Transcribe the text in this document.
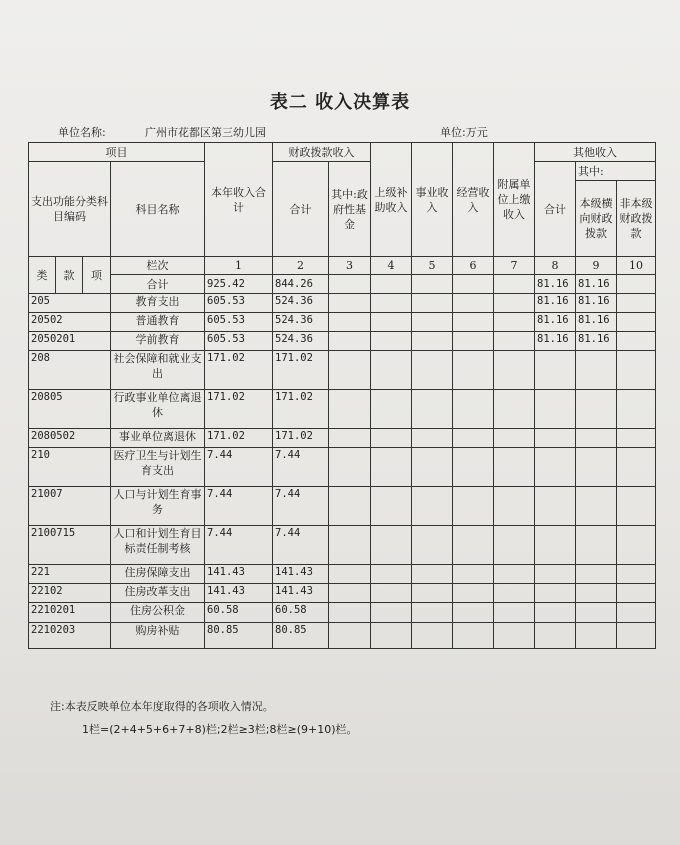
表二 收入决算表
单位名称:	广州市花都区第三幼儿园	单位:万元
项目				本年收入合计	财政拨款收入		上级补助收入	事业收入	经营收入	附属单位上缴收入	其他收入		
支出功能分类科目编码			科目名称		合计	其中:政府性基金					合计	其中:	
												本级横向财政拨款	非本级财政拨款
类	款	项	栏次	1	2	3	4	5	6	7	8	9	10
			合计	925.42	844.26						81.16	81.16	
205			教育支出	605.53	524.36						81.16	81.16	
20502			普通教育	605.53	524.36						81.16	81.16	
2050201			学前教育	605.53	524.36						81.16	81.16	
208			社会保障和就业支出	171.02	171.02								
20805			行政事业单位离退休	171.02	171.02								
2080502			事业单位离退休	171.02	171.02								
210			医疗卫生与计划生育支出	7.44	7.44								
21007			人口与计划生育事务	7.44	7.44								
2100715			人口和计划生育目标责任制考核	7.44	7.44								
221			住房保障支出	141.43	141.43								
22102			住房改革支出	141.43	141.43								
2210201			住房公积金	60.58	60.58								
2210203			购房补贴	80.85	80.85								
注:本表反映单位本年度取得的各项收入情况。
1栏=(2+4+5+6+7+8)栏;2栏≥3栏;8栏≥(9+10)栏。
